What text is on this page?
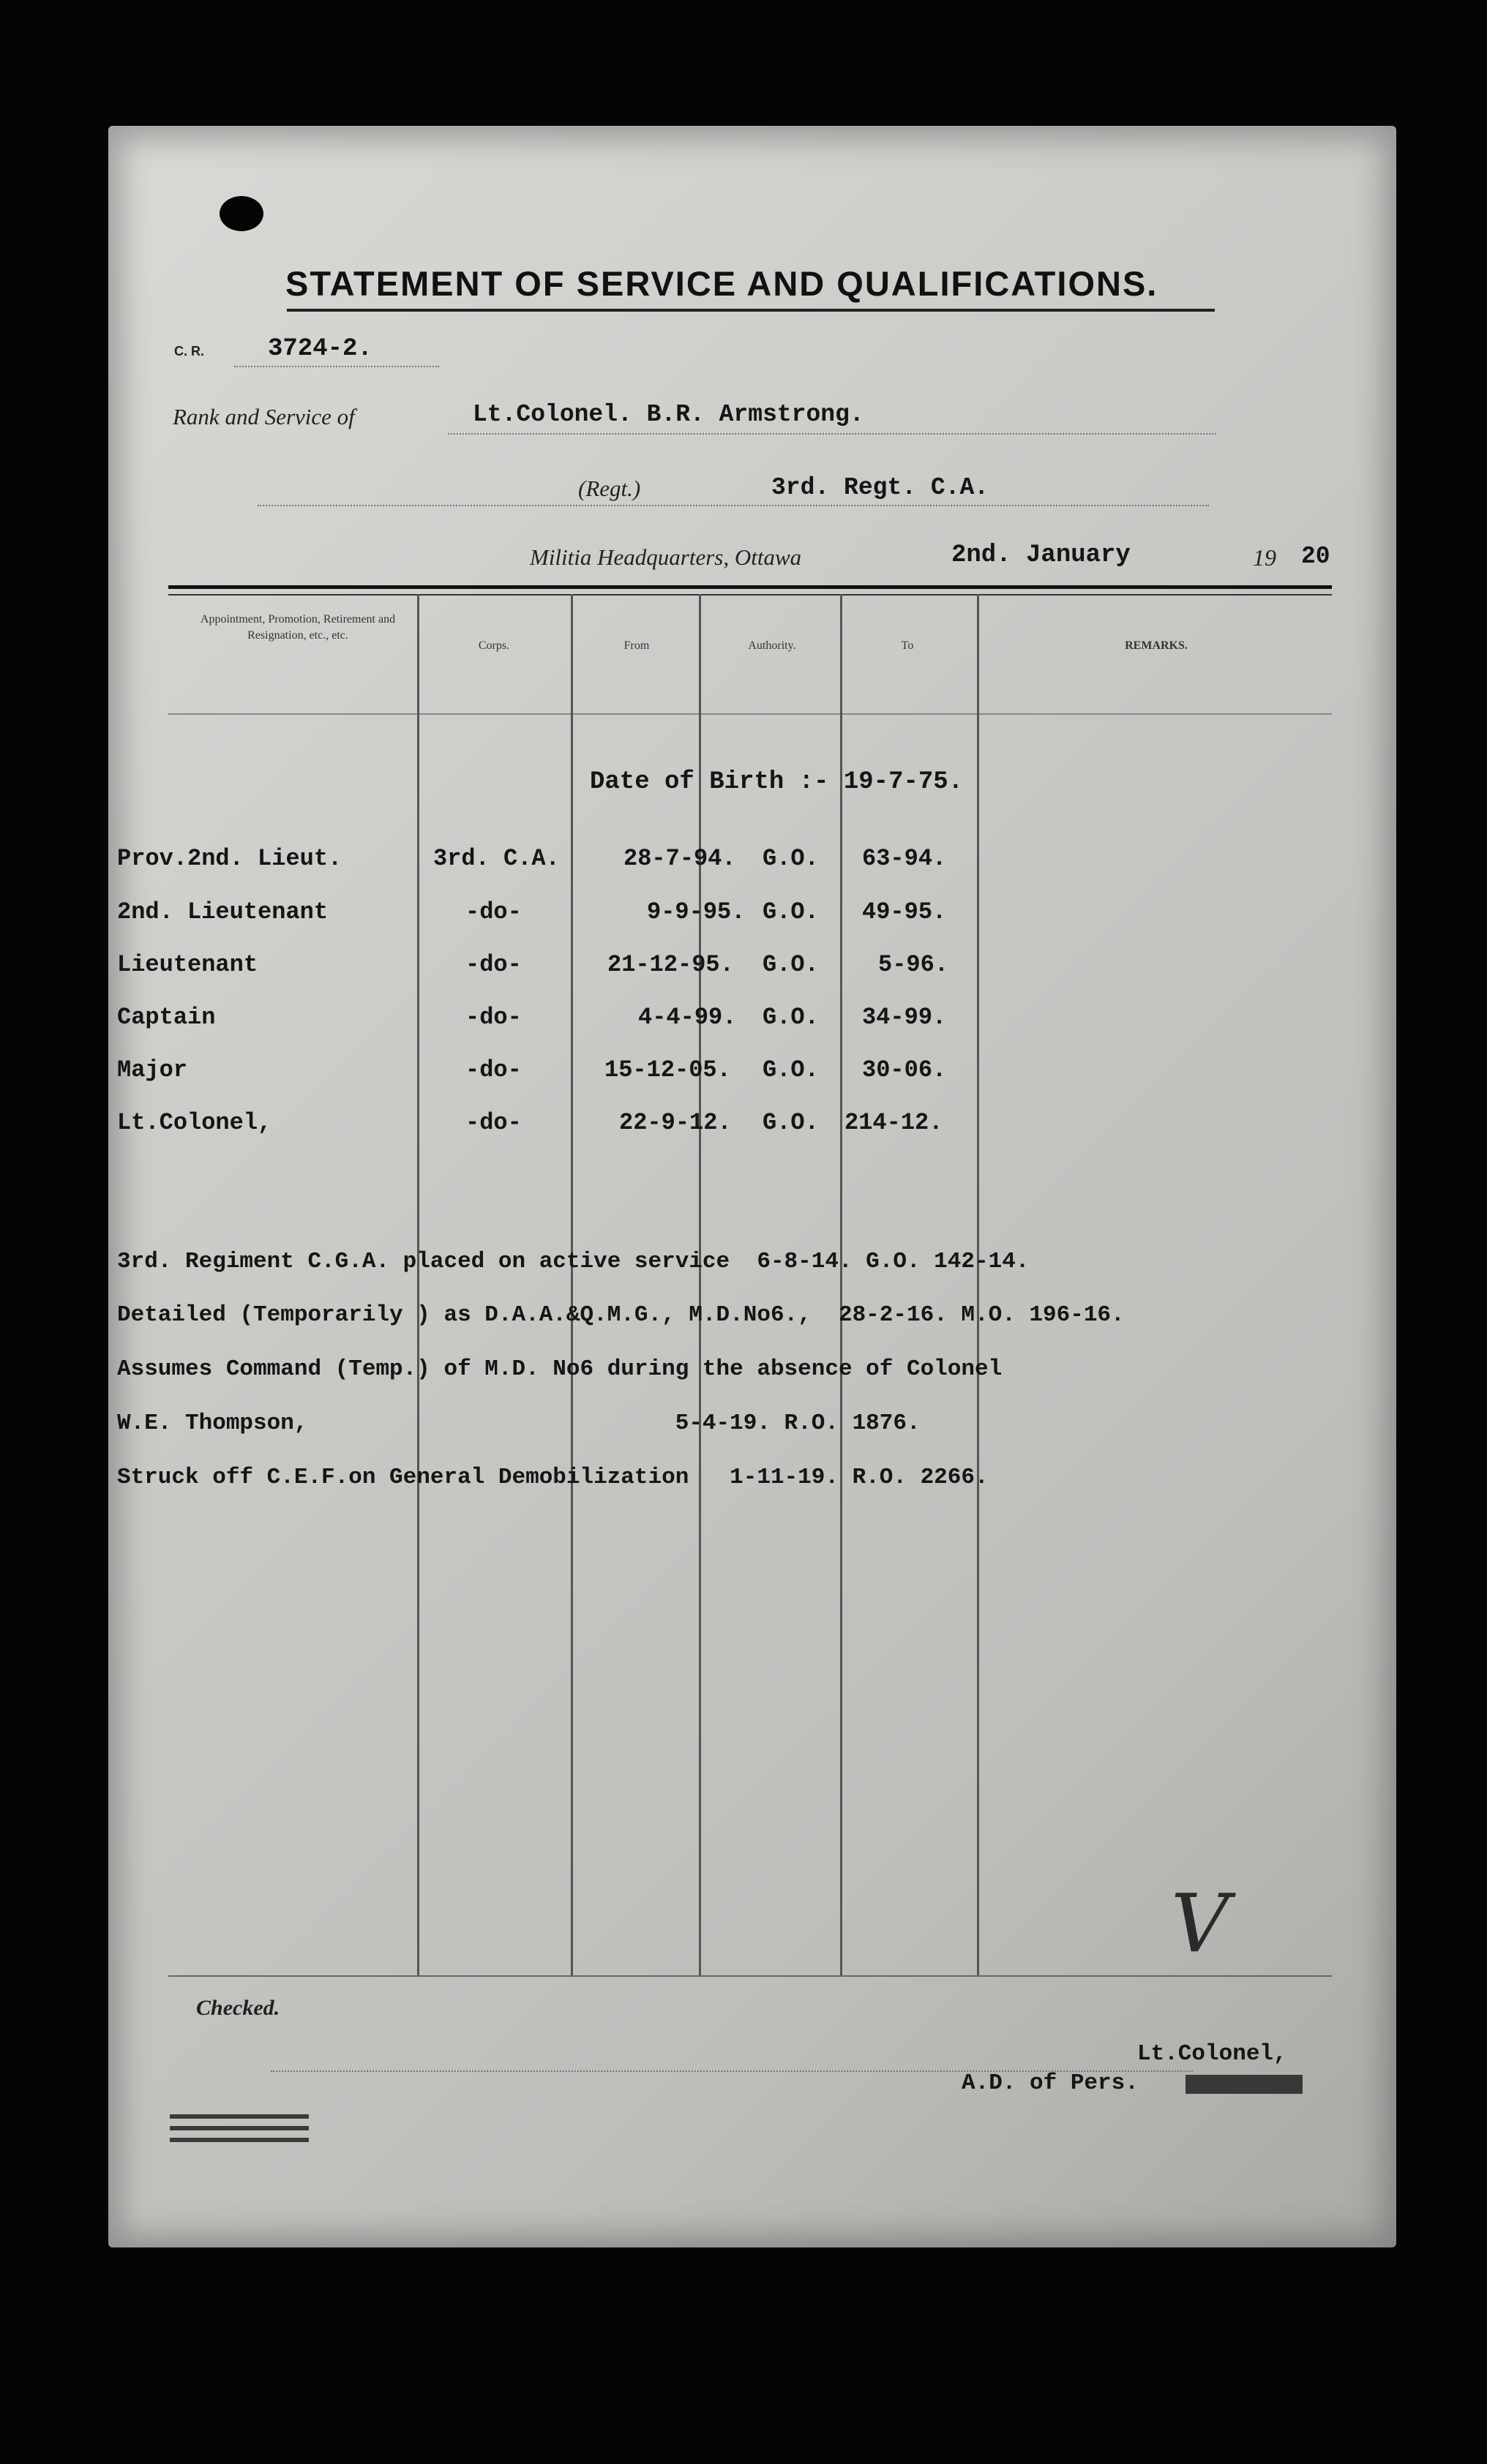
STATEMENT OF SERVICE AND QUALIFICATIONS.
C. R.	3724-2.
Rank and Service of	Lt.Colonel. B.R. Armstrong.
(Regt.)	3rd. Regt. C.A.
Militia Headquarters, Ottawa	2nd. January	19 20
Appointment, Promotion, Retirement and Resignation, etc., etc.
Corps.	From	Authority.	To	REMARKS.
Date of Birth :- 19-7-75.
Prov.2nd. Lieut.	3rd. C.A.	28-7-94. G.O. 63-94.
2nd. Lieutenant	-do-	9-9-95. G.O. 49-95.
Lieutenant	-do-	21-12-95. G.O.	5-96.
Captain	-do-	4-4-99. G.O. 34-99.
Major	-do-	15-12-05. G.O. 30-06.
Lt.Colonel,	-do-	22-9-12. G.O. 214-12.
3rd. Regiment C.G.A. placed on active service  6-8-14. G.O. 142-14.
Detailed (Temporarily ) as D.A.A.&Q.M.G., M.D.No6.,  28-2-16. M.O. 196-16.
Assumes Command (Temp.) of M.D. No6 during the absence of Colonel
W.E. Thompson,                           5-4-19. R.O. 1876.
Struck off C.E.F.on General Demobilization   1-11-19. R.O. 2266.
V
Checked.
Lt.Colonel,
A.D. of Pers.
